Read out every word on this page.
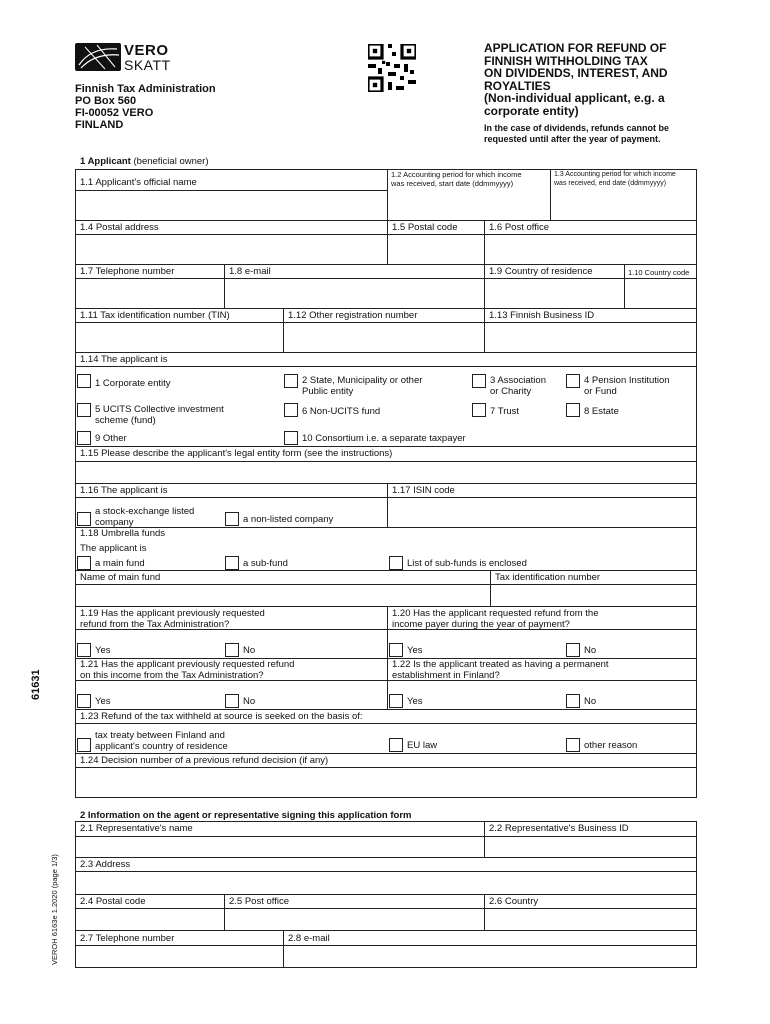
VERO
SKATT
Finnish Tax Administration
PO Box 560
FI-00052 VERO
FINLAND
APPLICATION FOR REFUND OF
FINNISH WITHHOLDING TAX
ON DIVIDENDS, INTEREST, AND
ROYALTIES
(Non-individual applicant, e.g. a
corporate entity)
In the case of dividends, refunds cannot be
requested until after the year of payment.
61631
VEROH 6163e 1.2020 (page 1/3)
1 Applicant (beneficial owner)
1.1 Applicant's official name
1.2 Accounting period for which income
was received, start date (ddmmyyyy)
1.3 Accounting period for which income
was received, end date (ddmmyyyy)
1.4 Postal address	1.5 Postal code	1.6 Post office
1.7 Telephone number	1.8 e-mail	1.9 Country of residence	1.10 Country code
1.11 Tax identification number (TIN)	1.12 Other registration number	1.13 Finnish Business ID
1.14 The applicant is
1 Corporate entity	2 State, Municipality or other
Public entity
3 Association
or Charity
4 Pension Institution
or Fund
5 UCITS Collective investment
scheme (fund)
6 Non-UCITS fund	7 Trust	8 Estate
9 Other	10 Consortium i.e. a separate taxpayer
1.15 Please describe the applicant's legal entity form (see the instructions)
1.16 The applicant is	1.17 ISIN code
a stock-exchange listed
company	a non-listed company
1.18 Umbrella funds
The applicant is
a main fund	a sub-fund	List of sub-funds is enclosed
Name of main fund	Tax identification number
1.19 Has the applicant previously requested
refund from the Tax Administration?
1.20 Has the applicant requested refund from the
income payer during the year of payment?
Yes	No	Yes	No
1.21 Has the applicant previously requested refund
on this income from the Tax Administration?
1.22 Is the applicant treated as having a permanent
establishment in Finland?
Yes	No	Yes	No
1.23 Refund of the tax withheld at source is seeked on the basis of:
tax treaty between Finland and
applicant's country of residence	EU law	other reason
1.24 Decision number of a previous refund decision (if any)
2 Information on the agent or representative signing this application form
2.1 Representative's name	2.2 Representative's Business ID
2.3 Address
2.4 Postal code	2.5 Post office	2.6 Country
2.7 Telephone number	2.8 e-mail
